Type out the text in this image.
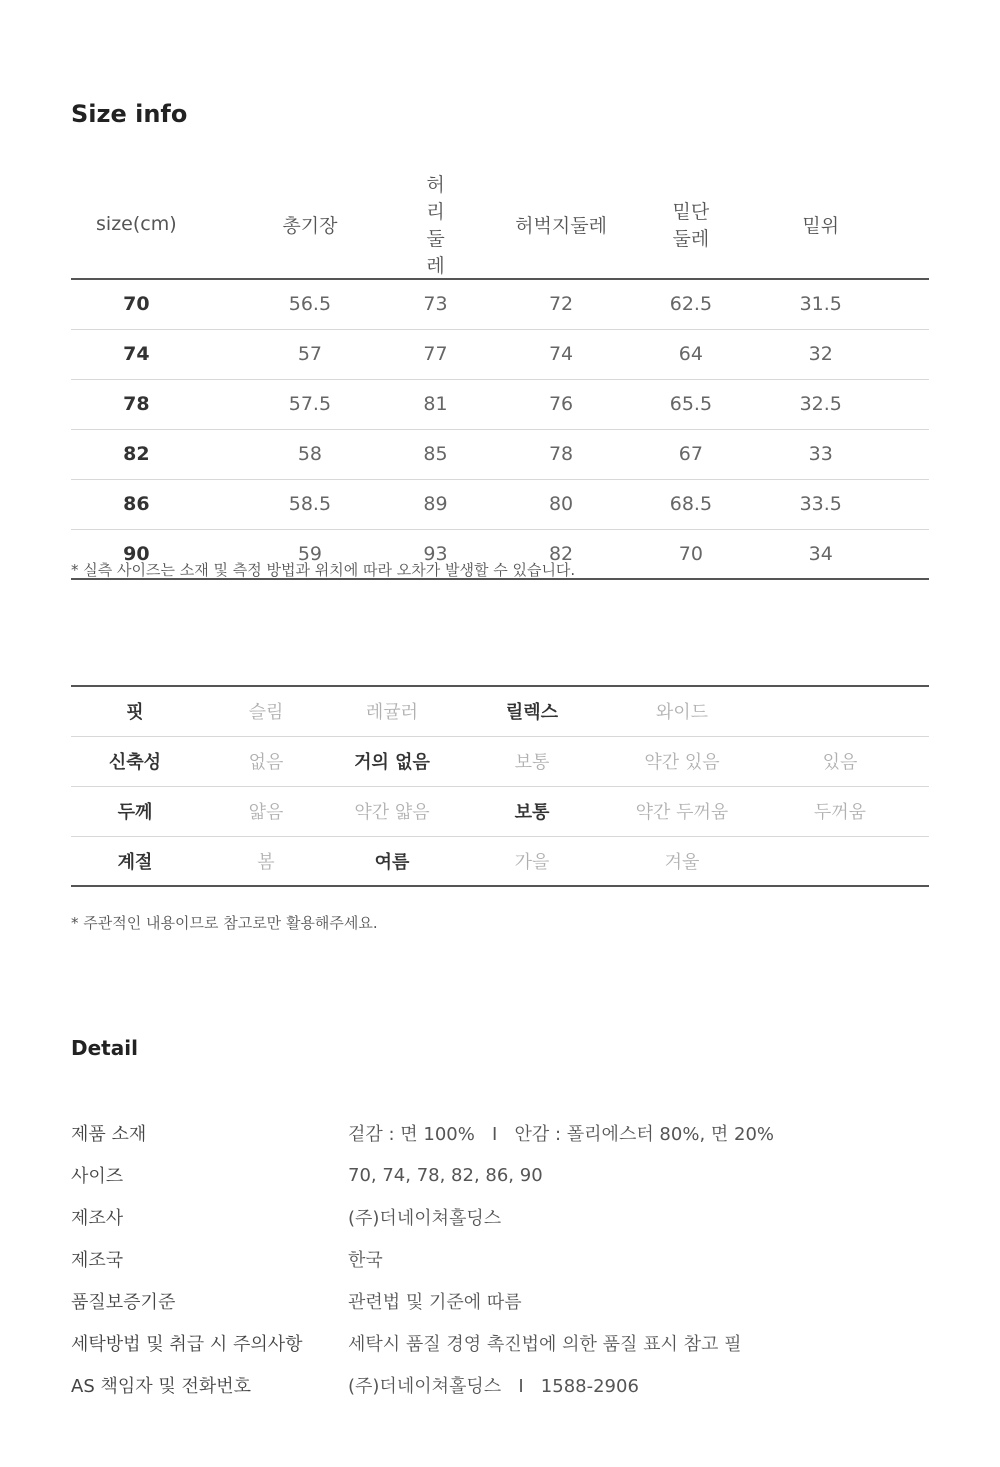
Size info
size(cm)	총기장	허리둘레	허벅지둘레	밑단둘레	밑위
70	56.5	73	72	62.5	31.5
74	57	77	74	64	32
78	57.5	81	76	65.5	32.5
82	58	85	78	67	33
86	58.5	89	80	68.5	33.5
90	59	93	82	70	34

* 실측 사이즈는 소재 및 측정 방법과 위치에 따라 오차가 발생할 수 있습니다.

핏	슬림	레귤러	릴렉스	와이드	
신축성	없음	거의 없음	보통	약간 있음	있음
두께	얇음	약간 얇음	보통	약간 두꺼움	두꺼움
계절	봄	여름	가을	겨울	

* 주관적인 내용이므로 참고로만 활용해주세요.

Detail
제품 소재	겉감 : 면 100%   I   안감 : 폴리에스터 80%, 면 20%
사이즈	70, 74, 78, 82, 86, 90
제조사	(주)더네이쳐홀딩스
제조국	한국
품질보증기준	관련법 및 기준에 따름
세탁방법 및 취급 시 주의사항	세탁시 품질 경영 촉진법에 의한 품질 표시 참고 필
AS 책임자 및 전화번호	(주)더네이쳐홀딩스   I   1588-2906
